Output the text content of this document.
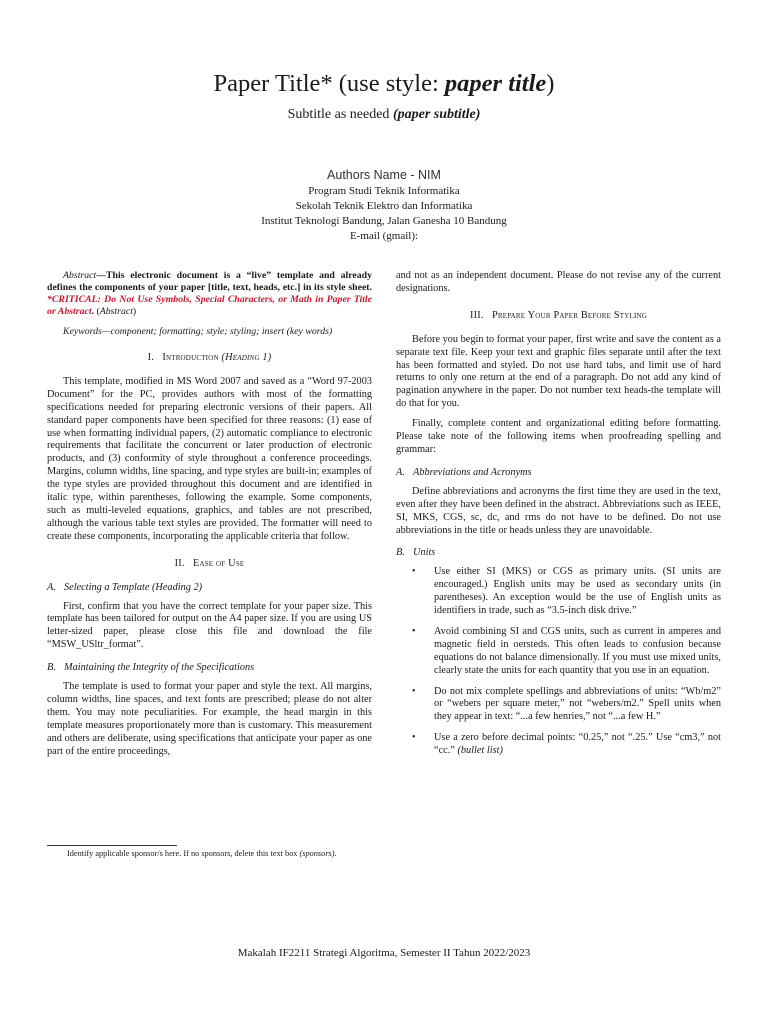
Paper Title* (use style: paper title)
Subtitle as needed (paper subtitle)
Authors Name - NIM
Program Studi Teknik Informatika
Sekolah Teknik Elektro dan Informatika
Institut Teknologi Bandung, Jalan Ganesha 10 Bandung
E-mail (gmail):

Abstract—This electronic document is a “live” template and already defines the components of your paper [title, text, heads, etc.] in its style sheet. *CRITICAL: Do Not Use Symbols, Special Characters, or Math in Paper Title or Abstract. (Abstract)

Keywords—component; formatting; style; styling; insert (key words)

I. Introduction (Heading 1)

This template, modified in MS Word 2007 and saved as a “Word 97-2003 Document” for the PC, provides authors with most of the formatting specifications needed for preparing electronic versions of their papers. All standard paper components have been specified for three reasons: (1) ease of use when formatting individual papers, (2) automatic compliance to electronic requirements that facilitate the concurrent or later production of electronic products, and (3) conformity of style throughout a conference proceedings. Margins, column widths, line spacing, and type styles are built-in; examples of the type styles are provided throughout this document and are identified in italic type, within parentheses, following the example. Some components, such as multi-leveled equations, graphics, and tables are not prescribed, although the various table text styles are provided. The formatter will need to create these components, incorporating the applicable criteria that follow.

II. Ease of Use
A. Selecting a Template (Heading 2)

First, confirm that you have the correct template for your paper size. This template has been tailored for output on the A4 paper size. If you are using US letter-sized paper, please close this file and download the file “MSW_USltr_format”.

B. Maintaining the Integrity of the Specifications

The template is used to format your paper and style the text. All margins, column widths, line spaces, and text fonts are prescribed; please do not alter them. You may note peculiarities. For example, the head margin in this template measures proportionately more than is customary. This measurement and others are deliberate, using specifications that anticipate your paper as one part of the entire proceedings,

and not as an independent document. Please do not revise any of the current designations.

III. Prepare Your Paper Before Styling

Before you begin to format your paper, first write and save the content as a separate text file. Keep your text and graphic files separate until after the text has been formatted and styled. Do not use hard tabs, and limit use of hard returns to only one return at the end of a paragraph. Do not add any kind of pagination anywhere in the paper. Do not number text heads-the template will do that for you.

Finally, complete content and organizational editing before formatting. Please take note of the following items when proofreading spelling and grammar:

A. Abbreviations and Acronyms

Define abbreviations and acronyms the first time they are used in the text, even after they have been defined in the abstract. Abbreviations such as IEEE, SI, MKS, CGS, sc, dc, and rms do not have to be defined. Do not use abbreviations in the title or heads unless they are unavoidable.

B. Units
• Use either SI (MKS) or CGS as primary units. (SI units are encouraged.) English units may be used as secondary units (in parentheses). An exception would be the use of English units as identifiers in trade, such as “3.5-inch disk drive.”
• Avoid combining SI and CGS units, such as current in amperes and magnetic field in oersteds. This often leads to confusion because equations do not balance dimensionally. If you must use mixed units, clearly state the units for each quantity that you use in an equation.
• Do not mix complete spellings and abbreviations of units: “Wb/m2” or “webers per square meter,” not “webers/m2.” Spell units when they appear in text: “...a few henries,” not “...a few H.”
• Use a zero before decimal points: “0.25,” not “.25.” Use “cm3,” not “cc.” (bullet list)
Identify applicable sponsor/s here. If no sponsors, delete this text box (sponsors).
Makalah IF2211 Strategi Algoritma, Semester II Tahun 2022/2023
